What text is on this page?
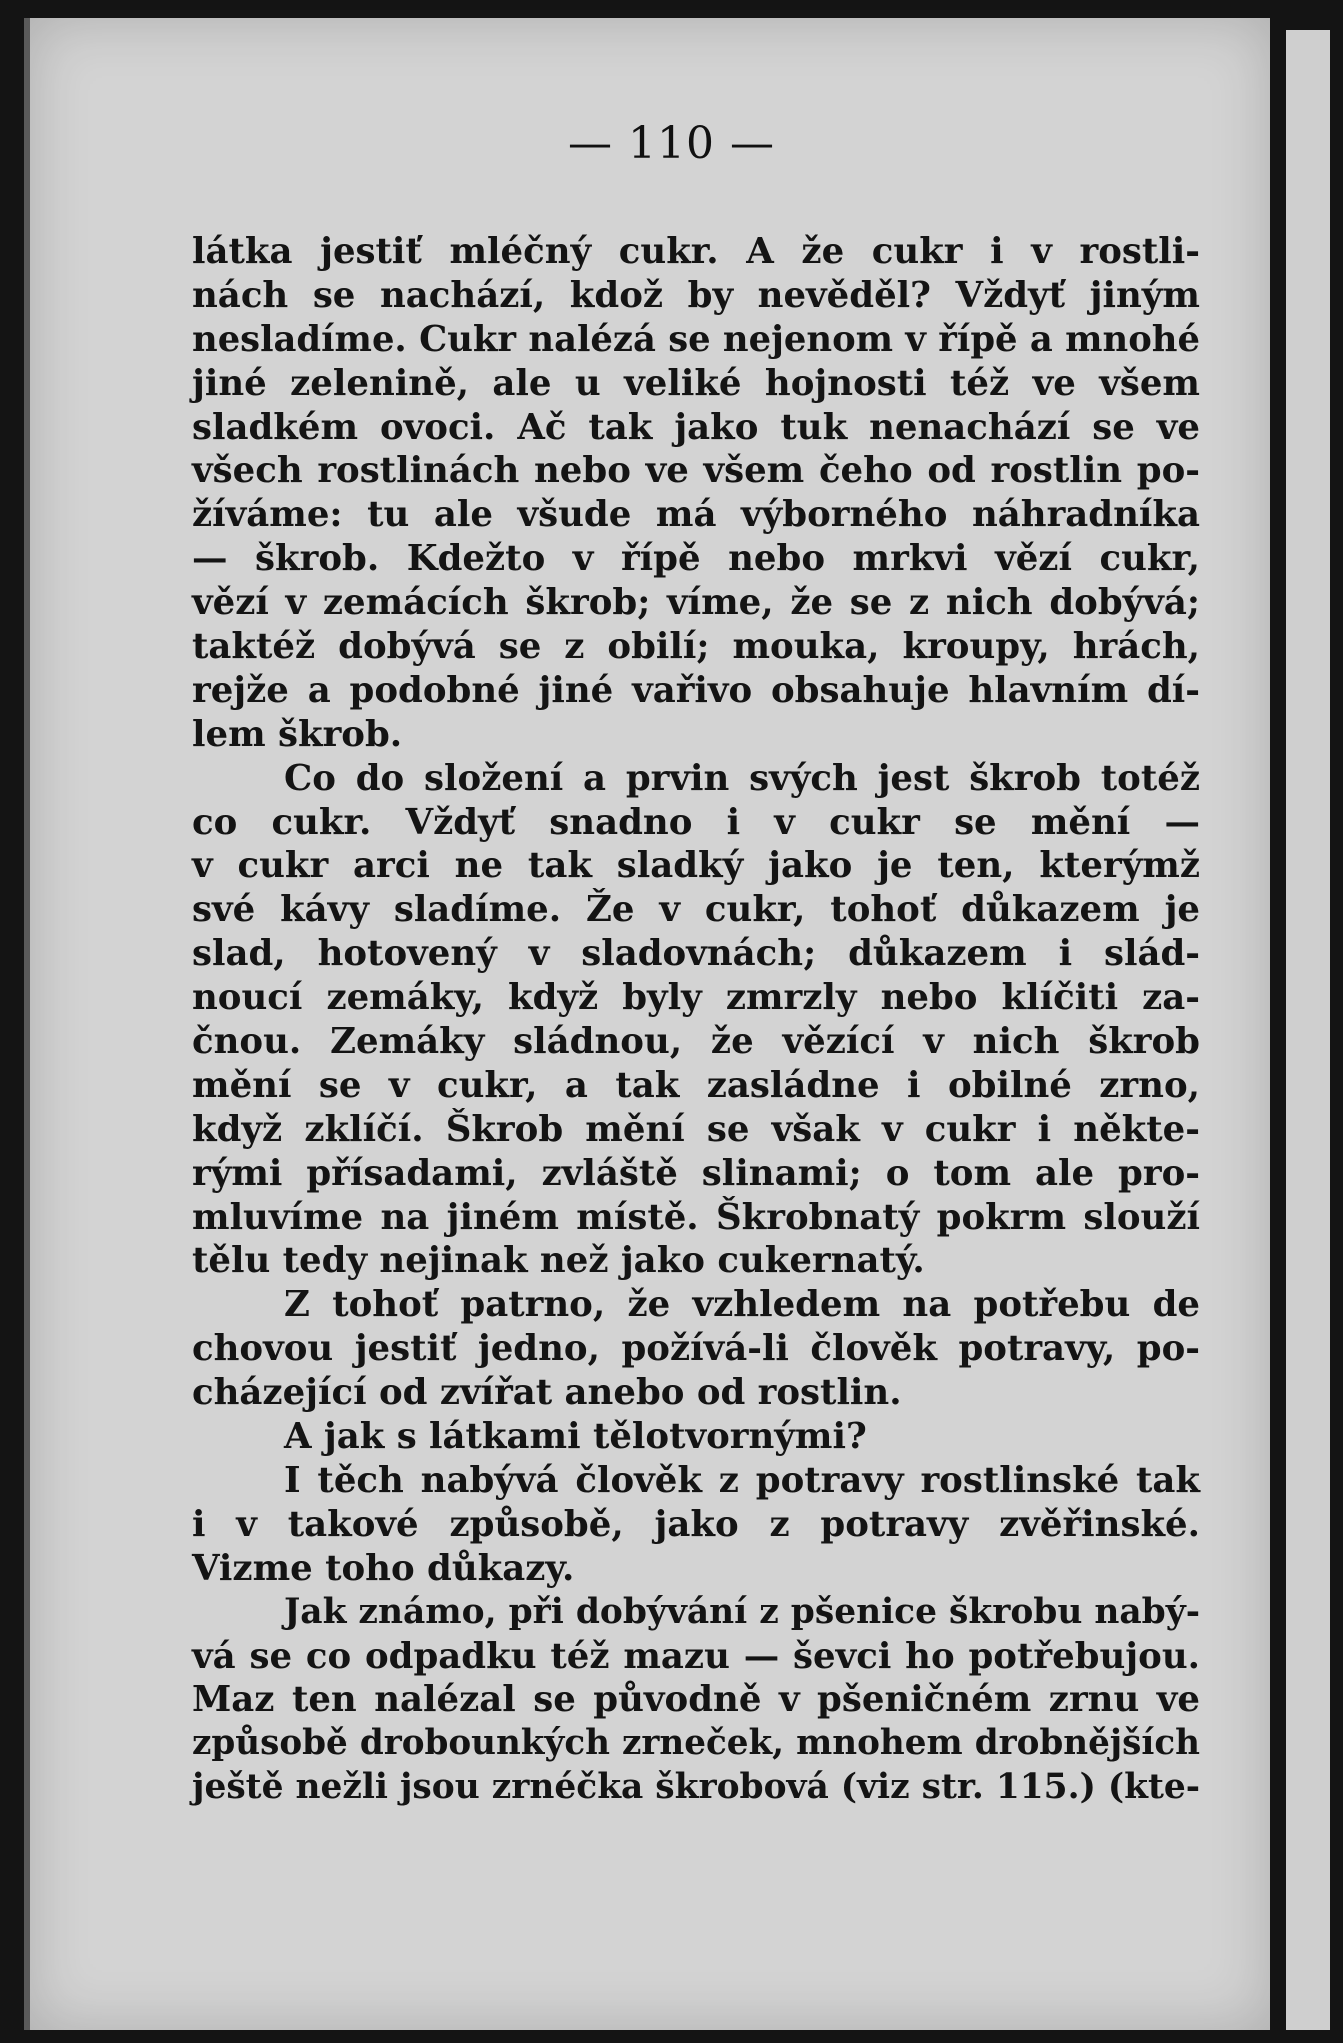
— 110 —
látka jestiť mléčný cukr. A že cukr i v rostli-
nách se nachází, kdož by nevěděl? Vždyť jiným
nesladíme. Cukr nalézá se nejenom v řípě a mnohé
jiné zelenině, ale u veliké hojnosti též ve všem
sladkém ovoci. Ač tak jako tuk nenachází se ve
všech rostlinách nebo ve všem čeho od rostlin po-
žíváme: tu ale všude má výborného náhradníka
— škrob. Kdežto v řípě nebo mrkvi vězí cukr,
vězí v zemácích škrob; víme, že se z nich dobývá;
taktéž dobývá se z obilí; mouka, kroupy, hrách,
rejže a podobné jiné vařivo obsahuje hlavním dí-
lem škrob.
Co do složení a prvin svých jest škrob totéž
co cukr. Vždyť snadno i v cukr se mění —
v cukr arci ne tak sladký jako je ten, kterýmž
své kávy sladíme. Že v cukr, tohoť důkazem je
slad, hotovený v sladovnách; důkazem i slád-
noucí zemáky, když byly zmrzly nebo klíčiti za-
čnou. Zemáky sládnou, že vězící v nich škrob
mění se v cukr, a tak zasládne i obilné zrno,
když zklíčí. Škrob mění se však v cukr i někte-
rými přísadami, zvláště slinami; o tom ale pro-
mluvíme na jiném místě. Škrobnatý pokrm slouží
tělu tedy nejinak než jako cukernatý.
Z tohoť patrno, že vzhledem na potřebu de
chovou jestiť jedno, požívá-li člověk potravy, po-
cházející od zvířat anebo od rostlin.
A jak s látkami tělotvornými?
I těch nabývá člověk z potravy rostlinské tak
i v takové způsobě, jako z potravy zvěřinské.
Vizme toho důkazy.
Jak známo, při dobývání z pšenice škrobu nabý-
vá se co odpadku též mazu — ševci ho potřebujou.
Maz ten nalézal se původně v pšeničném zrnu ve
způsobě drobounkých zrneček, mnohem drobnějších
ještě nežli jsou zrnéčka škrobová (viz str. 115.) (kte-
